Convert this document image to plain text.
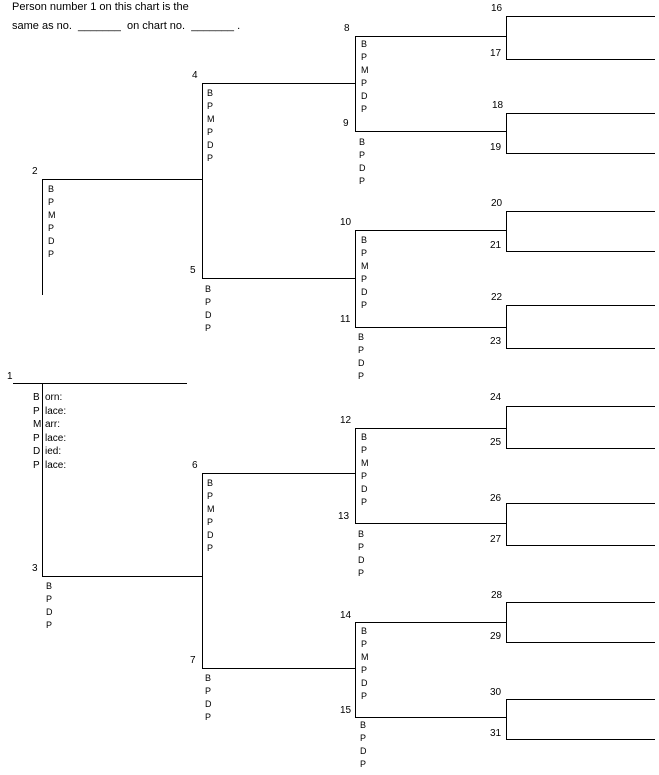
Person number 1 on this chart is the
same as no. _______ on chart no. _______ .
1
B orn:
P lace:
M arr:
P lace:
D ied:
P lace:
2
B
P
M
P
D
P
3
B
P
D
P
4
B
P
M
P
D
P
5
B
P
D
P
6
B
P
M
P
D
P
7
B
P
D
P
8
B
P
M
P
D
P
9
B
P
D
P
10
B
P
M
P
D
P
11
B
P
D
P
12
B
P
M
P
D
P
13
B
P
D
P
14
B
P
M
P
D
P
15
B
P
D
P
16
17
18
19
20
21
22
23
24
25
26
27
28
29
30
31
